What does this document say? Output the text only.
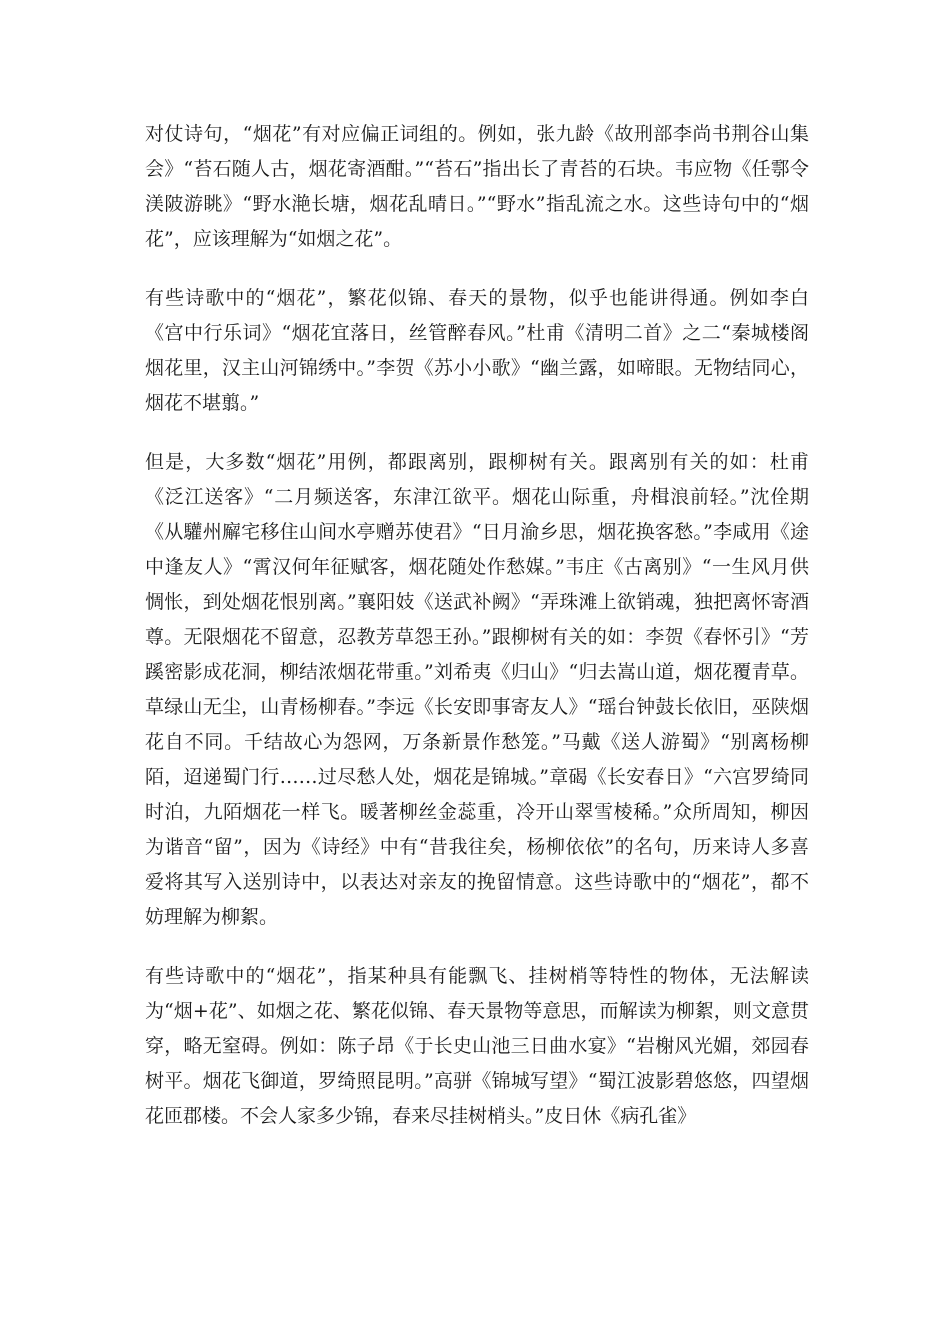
对仗诗句，“烟花”有对应偏正词组的。例如，张九龄《故刑部李尚书荆谷山集会》“苔石随人古，烟花寄酒酣。”“苔石”指出长了青苔的石块。韦应物《任鄠令渼陂游眺》“野水滟长塘，烟花乱晴日。”“野水”指乱流之水。这些诗句中的“烟花”，应该理解为“如烟之花”。

有些诗歌中的“烟花”，繁花似锦、春天的景物，似乎也能讲得通。例如李白《宫中行乐词》“烟花宜落日，丝管醉春风。”杜甫《清明二首》之二“秦城楼阁烟花里，汉主山河锦绣中。”李贺《苏小小歌》“幽兰露，如啼眼。无物结同心，烟花不堪翦。”

但是，大多数“烟花”用例，都跟离别，跟柳树有关。跟离别有关的如：杜甫《泛江送客》“二月频送客，东津江欲平。烟花山际重，舟楫浪前轻。”沈佺期《从驩州廨宅移住山间水亭赠苏使君》“日月渝乡思，烟花换客愁。”李咸用《途中逢友人》“霄汉何年征赋客，烟花随处作愁媒。”韦庄《古离别》“一生风月供惆怅，到处烟花恨别离。”襄阳妓《送武补阙》“弄珠滩上欲销魂，独把离怀寄酒尊。无限烟花不留意，忍教芳草怨王孙。”跟柳树有关的如：李贺《春怀引》“芳蹊密影成花洞，柳结浓烟花带重。”刘希夷《归山》“归去嵩山道，烟花覆青草。草绿山无尘，山青杨柳春。”李远《长安即事寄友人》“瑶台钟鼓长依旧，巫陕烟花自不同。千结故心为怨网，万条新景作愁笼。”马戴《送人游蜀》“别离杨柳陌，迢递蜀门行……过尽愁人处，烟花是锦城。”章碣《长安春日》“六宫罗绮同时泊，九陌烟花一样飞。暖著柳丝金蕊重，冷开山翠雪棱稀。”众所周知，柳因为谐音“留”，因为《诗经》中有“昔我往矣，杨柳依依”的名句，历来诗人多喜爱将其写入送别诗中，以表达对亲友的挽留情意。这些诗歌中的“烟花”，都不妨理解为柳絮。

有些诗歌中的“烟花”，指某种具有能飘飞、挂树梢等特性的物体，无法解读为“烟+花”、如烟之花、繁花似锦、春天景物等意思，而解读为柳絮，则文意贯穿，略无窒碍。例如：陈子昂《于长史山池三日曲水宴》“岩榭风光媚，郊园春树平。烟花飞御道，罗绮照昆明。”高骈《锦城写望》“蜀江波影碧悠悠，四望烟花匝郡楼。不会人家多少锦，春来尽挂树梢头。”皮日休《病孔雀》
